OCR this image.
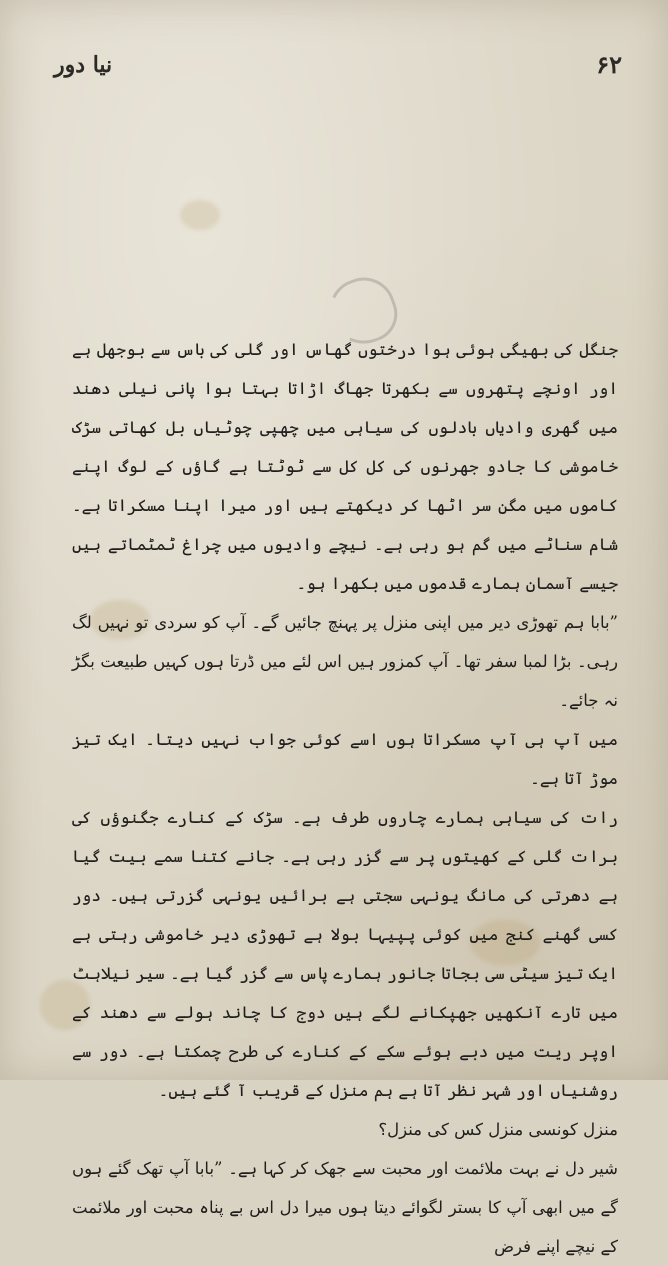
نیا دور	۶۲

جنگل کی بھیگی ہوئی ہوا درختوں گھاس اور گلی کی باس سے بوجھل ہے اور اونچے پتھروں سے بکھرتا جھاگ اڑاتا بہتا ہوا پانی نیلی دھند میں گھری وادیاں بادلوں کی سیاہی میں چھپی چوٹیاں بل کھاتی سڑک خاموشی کا جادو جھرنوں کی کل کل سے ٹوٹتا ہے گاؤں کے لوگ اپنے کاموں میں مگن سر اٹھا کر دیکھتے ہیں اور میرا اپنا مسکراتا ہے۔ شام سناٹے میں گم ہو رہی ہے۔ نیچے وادیوں میں چراغ ٹمٹماتے ہیں جیسے آسمان ہمارے قدموں میں بکھرا ہو۔

”بابا ہم تھوڑی دیر میں اپنی منزل پر پہنچ جائیں گے۔ آپ کو سردی تو نہیں لگ رہی۔ بڑا لمبا سفر تھا۔ آپ کمزور ہیں اس لئے میں ڈرتا ہوں کہیں طبیعت بگڑ نہ جائے۔

میں آپ ہی آپ مسکراتا ہوں اسے کوئی جواب نہیں دیتا۔ ایک تیز موڑ آتا ہے۔

رات کی سیاہی ہمارے چاروں طرف ہے۔ سڑک کے کنارے جگنوؤں کی برات گلی کے کھیتوں پر سے گزر رہی ہے۔ جانے کتنا سمے بیت گیا ہے دھرتی کی مانگ یونہی سجتی ہے برائیں یونہی گزرتی ہیں۔ دور کسی گھنے کنج میں کوئی پپیہا بولا ہے تھوڑی دیر خاموشی رہتی ہے ایک تیز سیٹی سی بجاتا جانور ہمارے پاس سے گزر گیا ہے۔ سیر نیلاہٹ میں تارے آنکھیں جھپکانے لگے ہیں دوج کا چاند ہولے سے دھند کے اوپر ریت میں دبے ہوئے سکے کے کنارے کی طرح چمکتا ہے۔ دور سے روشنیاں اور شہر نظر آتا ہے ہم منزل کے قریب آ گئے ہیں۔

منزل کونسی منزل کس کی منزل؟

شیر دل نے بہت ملائمت اور محبت سے جھک کر کہا ہے۔ ”بابا آپ تھک گئے ہوں گے میں ابھی آپ کا بستر لگوائے دیتا ہوں میرا دل اس بے پناہ محبت اور ملائمت کے نیچے اپنے فرض
